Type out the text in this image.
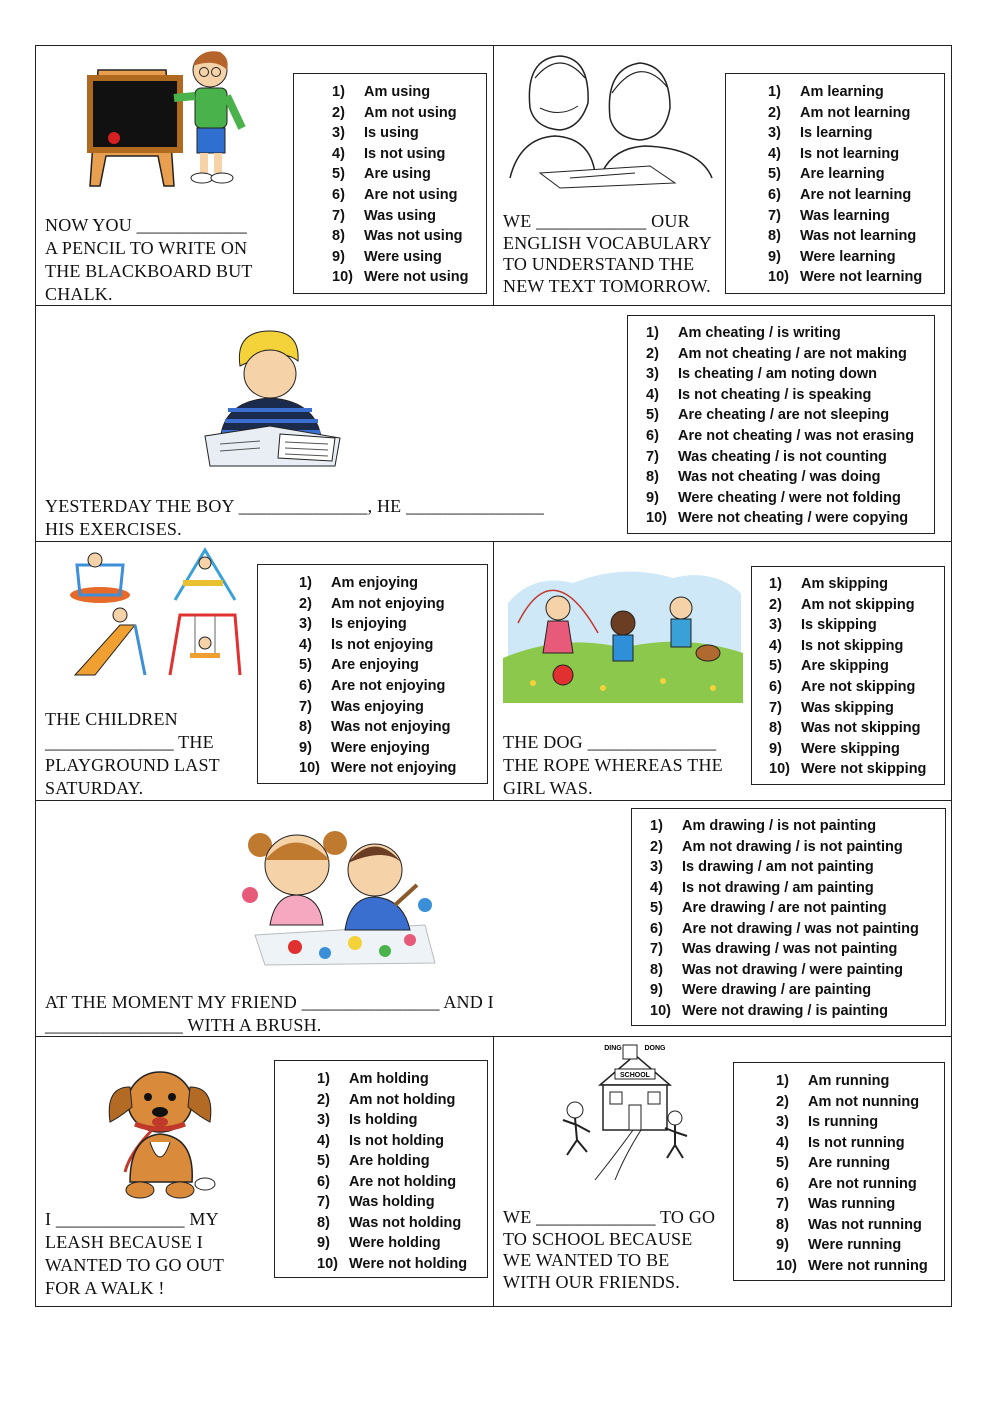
NOW YOU ____________
A PENCIL TO WRITE ON
THE BLACKBOARD BUT
CHALK.
1)	Am using
2)	Am not using
3)	Is using
4)	Is not using
5)	Are using
6)	Are not using
7)	Was using
8)	Was not using
9)	Were using
10) Were not using
WE ____________ OUR
ENGLISH VOCABULARY
TO UNDERSTAND THE
NEW TEXT TOMORROW.
1)	Am learning
2)	Am not learning
3)	Is learning
4)	Is not learning
5)	Are learning
6)	Are not learning
7)	Was learning
8)	Was not learning
9)	Were learning
10) Were not learning
YESTERDAY THE BOY ______________, HE _______________
HIS EXERCISES.
1)	Am cheating / is writing
2)	Am not cheating / are not making
3)	Is cheating / am noting down
4)	Is not cheating / is speaking
5)	Are cheating / are not sleeping
6)	Are not cheating / was not erasing
7)	Was cheating / is not counting
8)	Was not cheating / was doing
9)	Were cheating / were not folding
10) Were not cheating / were copying
THE CHILDREN
______________ THE
PLAYGROUND LAST
SATURDAY.
1)	Am enjoying
2)	Am not enjoying
3)	Is enjoying
4)	Is not enjoying
5)	Are enjoying
6)	Are not enjoying
7)	Was enjoying
8)	Was not enjoying
9)	Were enjoying
10) Were not enjoying
THE DOG ______________
THE ROPE WHEREAS THE
GIRL WAS.
1)	Am skipping
2)	Am not skipping
3)	Is skipping
4)	Is not skipping
5)	Are skipping
6)	Are not skipping
7)	Was skipping
8)	Was not skipping
9)	Were skipping
10) Were not skipping
AT THE MOMENT MY FRIEND _______________ AND I
_______________ WITH A BRUSH.
1)	Am drawing / is not painting
2)	Am not drawing / is not painting
3)	Is drawing / am not painting
4)	Is not drawing / am painting
5)	Are drawing / are not painting
6)	Are not drawing / was not painting
7)	Was drawing / was not painting
8)	Was not drawing / were painting
9)	Were drawing / are painting
10) Were not drawing / is painting
I ______________ MY
LEASH BECAUSE I
WANTED TO GO OUT
FOR A WALK !
1)	Am holding
2)	Am not holding
3)	Is holding
4)	Is not holding
5)	Are holding
6)	Are not holding
7)	Was holding
8)	Was not holding
9)	Were holding
10) Were not holding
SCHOOL
DING	DONG
WE _____________ TO GO
TO SCHOOL BECAUSE
WE WANTED TO BE
WITH OUR FRIENDS.
1)	Am running
2)	Am not nunning
3)	Is running
4)	Is not running
5)	Are running
6)	Are not running
7)	Was running
8)	Was not running
9)	Were running
10) Were not running
